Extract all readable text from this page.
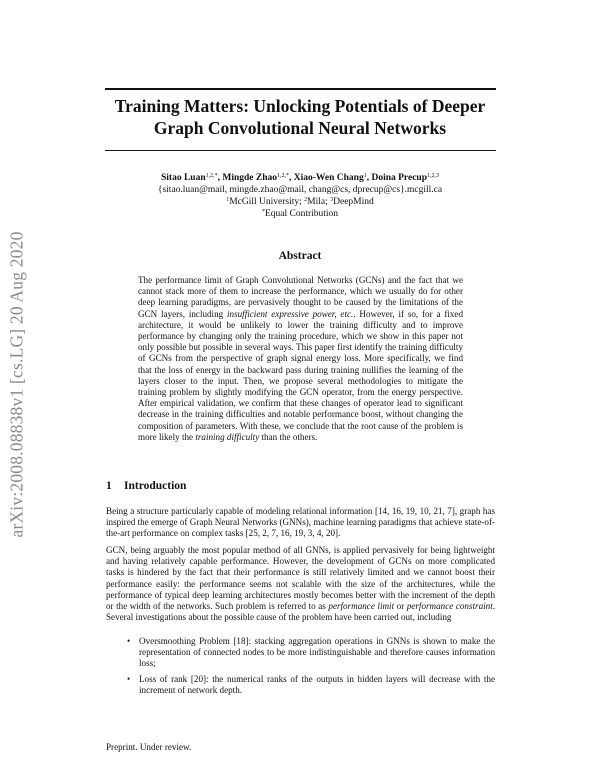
arXiv:2008.08838v1 [cs.LG] 20 Aug 2020
Training Matters: Unlocking Potentials of Deeper
Graph Convolutional Neural Networks
Sitao Luan$^{1,2,*}$, Mingde Zhao$^{1,2,*}$, Xiao-Wen Chang$^1$, Doina Precup$^{1,2,3}$
{sitao.luan@mail, mingde.zhao@mail, chang@cs, dprecup@cs}.mcgill.ca
$^1$McGill University; $^2$Mila; $^3$DeepMind
*Equal Contribution
Abstract

The performance limit of Graph Convolutional Networks (GCNs) and the fact that we cannot stack more of them to increase the performance, which we usually do for other deep learning paradigms, are pervasively thought to be caused by the limitations of the GCN layers, including insufficient expressive power, etc.. However, if so, for a fixed architecture, it would be unlikely to lower the training difficulty and to improve performance by changing only the training procedure, which we show in this paper not only possible but possible in several ways. This paper first identify the training difficulty of GCNs from the perspective of graph signal energy loss. More specifically, we find that the loss of energy in the backward pass during training nullifies the learning of the layers closer to the input. Then, we propose several methodologies to mitigate the training problem by slightly modifying the GCN operator, from the energy perspective. After empirical validation, we confirm that these changes of operator lead to significant decrease in the training difficulties and notable performance boost, without changing the composition of parameters. With these, we conclude that the root cause of the problem is more likely the training difficulty than the others.

1 Introduction

Being a structure particularly capable of modeling relational information [14, 16, 19, 10, 21, 7], graph has inspired the emerge of Graph Neural Networks (GNNs), machine learning paradigms that achieve state-of-the-art performance on complex tasks [25, 2, 7, 16, 19, 3, 4, 20].

GCN, being arguably the most popular method of all GNNs, is applied pervasively for being lightweight and having relatively capable performance. However, the development of GCNs on more complicated tasks is hindered by the fact that their performance is still relatively limited and we cannot boost their performance easily: the performance seems not scalable with the size of the architectures, while the performance of typical deep learning architectures mostly becomes better with the increment of the depth or the width of the networks. Such problem is referred to as performance limit or performance constraint. Several investigations about the possible cause of the problem have been carried out, including

• Oversmoothing Problem [18]: stacking aggregation operations in GNNs is shown to make the representation of connected nodes to be more indistinguishable and therefore causes information loss;
• Loss of rank [20]: the numerical ranks of the outputs in hidden layers will decrease with the increment of network depth.

Preprint. Under review.
